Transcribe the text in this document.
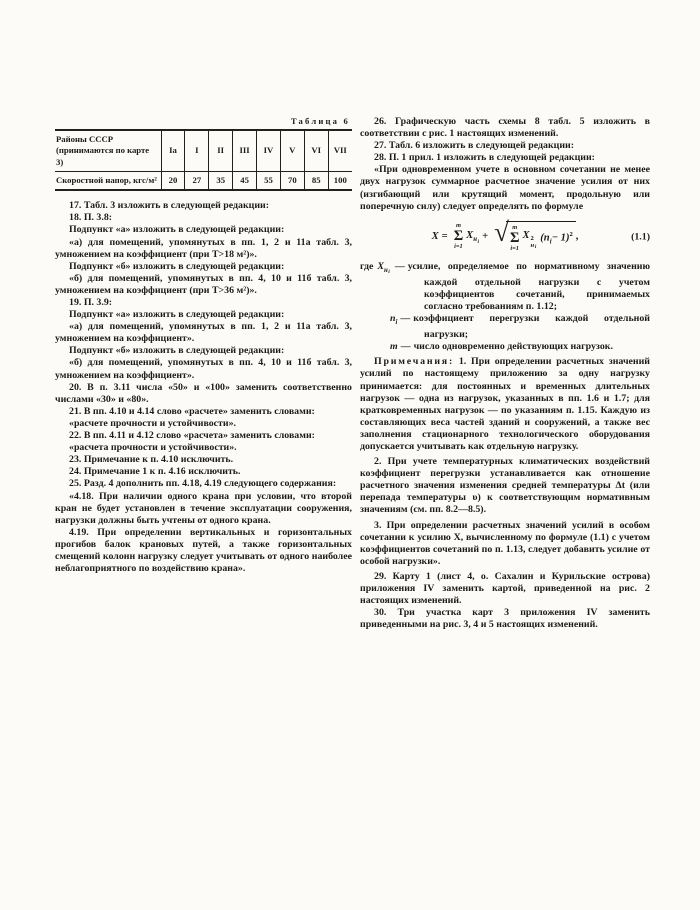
Таблица 6
Районы СССР (принимаются по карте 3)	Iа	I	II	III	IV	V	VI	VII
Скоростной напор, кгс/м²	20	27	35	45	55	70	85	100

17. Табл. 3 изложить в следующей редакции:

18. П. 3.8:

Подпункт «а» изложить в следующей редакции:

«а) для помещений, упомянутых в пп. 1, 2 и 11а табл. 3, умножением на коэффициент (при Т>18 м²)».

Подпункт «б» изложить в следующей редакции:

«б) для помещений, упомянутых в пп. 4, 10 и 11б табл. 3, умножением на коэффициент (при Т>36 м²)».

19. П. 3.9:

Подпункт «а» изложить в следующей редакции:

«а) для помещений, упомянутых в пп. 1, 2 и 11а табл. 3, умножением на коэффициент».

Подпункт «б» изложить в следующей редакции:

«б) для помещений, упомянутых в пп. 4, 10 и 11б табл. 3, умножением на коэффициент».

20. В п. 3.11 числа «50» и «100» заменить соответственно числами «30» и «80».

21. В пп. 4.10 и 4.14 слово «расчете» заменить словами:

«расчете прочности и устойчивости».

22. В пп. 4.11 и 4.12 слово «расчета» заменить словами:

«расчета прочности и устойчивости».

23. Примечание к п. 4.10 исключить.

24. Примечание 1 к п. 4.16 исключить.

25. Разд. 4 дополнить пп. 4.18, 4.19 следующего содержания:

«4.18. При наличии одного крана при условии, что второй кран не будет установлен в течение эксплуатации сооружения, нагрузки должны быть учтены от одного крана.

4.19. При определении вертикальных и горизонтальных прогибов балок крановых путей, а также горизонтальных смещений колонн нагрузку следует учитывать от одного наиболее неблагоприятного по воздействию крана».

26. Графическую часть схемы 8 табл. 5 изложить в соответствии с рис. 1 настоящих изменений.

27. Табл. 6 изложить в следующей редакции:

28. П. 1 прил. 1 изложить в следующей редакции:

«При одновременном учете в основном сочетании не менее двух нагрузок суммарное расчетное значение усилия от них (изгибающий или крутящий момент, продольную или поперечную силу) следует определять по формуле

X =
m
Σ
i=1
$X_{н_i}$ + √ m
Σ
i=1
X 2
$н_i$
$(n_i- 1)^2$ ,	(1.1)

где $X_{н_i}—$ усилие, определяемое по нормативному значению каждой отдельной нагрузки с учетом коэффициентов сочетаний, принимаемых согласно требованиям п. 1.12;

$n_i$ — коэффициент перегрузки каждой отдельной нагрузки;

m — число одновременно действующих нагрузок.

Примечания: 1. При определении расчетных значений усилий по настоящему приложению за одну нагрузку принимается: для постоянных и временных длительных нагрузок — одна из нагрузок, указанных в пп. 1.6 и 1.7; для кратковременных нагрузок — по указаниям п. 1.15. Каждую из составляющих веса частей зданий и сооружений, а также вес заполнения стационарного технологического оборудования допускается учитывать как отдельную нагрузку.

2. При учете температурных климатических воздействий коэффициент перегрузки устанавливается как отношение расчетного значения изменения средней температуры Δt (или перепада температуры υ) к соответствующим нормативным значениям (см. пп. 8.2—8.5).

3. При определении расчетных значений усилий в особом сочетании к усилию X, вычисленному по формуле (1.1) с учетом коэффициентов сочетаний по п. 1.13, следует добавить усилие от особой нагрузки».

29. Карту 1 (лист 4, о. Сахалин и Курильские острова) приложения IV заменить картой, приведенной на рис. 2 настоящих изменений.

30. Три участка карт 3 приложения IV заменить приведенными на рис. 3, 4 и 5 настоящих изменений.
